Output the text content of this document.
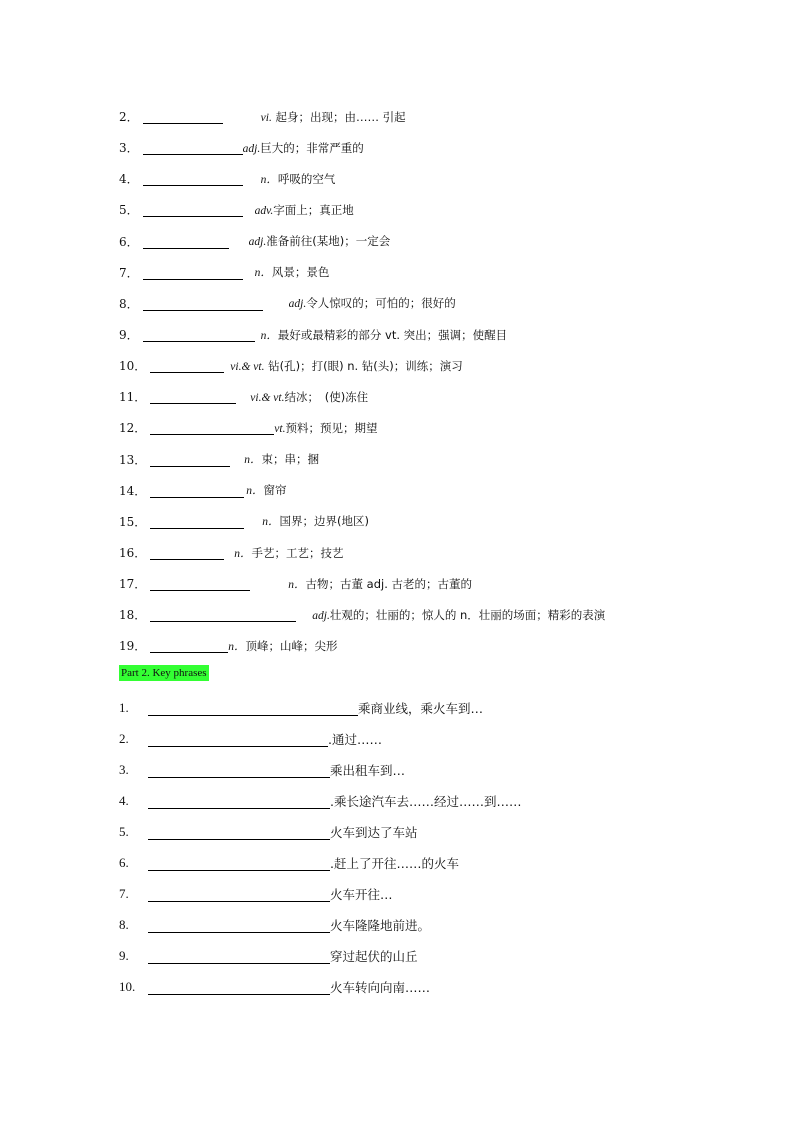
2．	vi. 起身；出现；由…… 引起
3．	adj.巨大的；非常严重的
4．	n．呼吸的空气
5．	adv.字面上；真正地
6．	adj.准备前往(某地)；一定会
7．	n．风景；景色
8．	adj.令人惊叹的；可怕的；很好的
9．	n．最好或最精彩的部分 vt. 突出；强调；使醒目
10．	vi.& vt. 钻(孔)；打(眼) n. 钻(头)；训练；演习
11．	vi.& vt.结冰；　(使)冻住
12．	vt.预料；预见；期望
13．	n．束；串；捆
14．	n．窗帘
15．	n．国界；边界(地区)
16．	n．手艺；工艺；技艺
17．	n．古物；古董 adj. 古老的；古董的
18．	adj.壮观的；壮丽的；惊人的 n．壮丽的场面；精彩的表演
19．	n．顶峰；山峰；尖形
Part 2. Key phrases
1.	乘商业线，乘火车到…
2.	.通过……
3.	乘出租车到…
4.	.乘长途汽车去……经过……到……
5.	火车到达了车站
6.	.赶上了开往……的火车
7.	火车开往…
8.	火车隆隆地前进。
9.	穿过起伏的山丘
10.	火车转向向南……
